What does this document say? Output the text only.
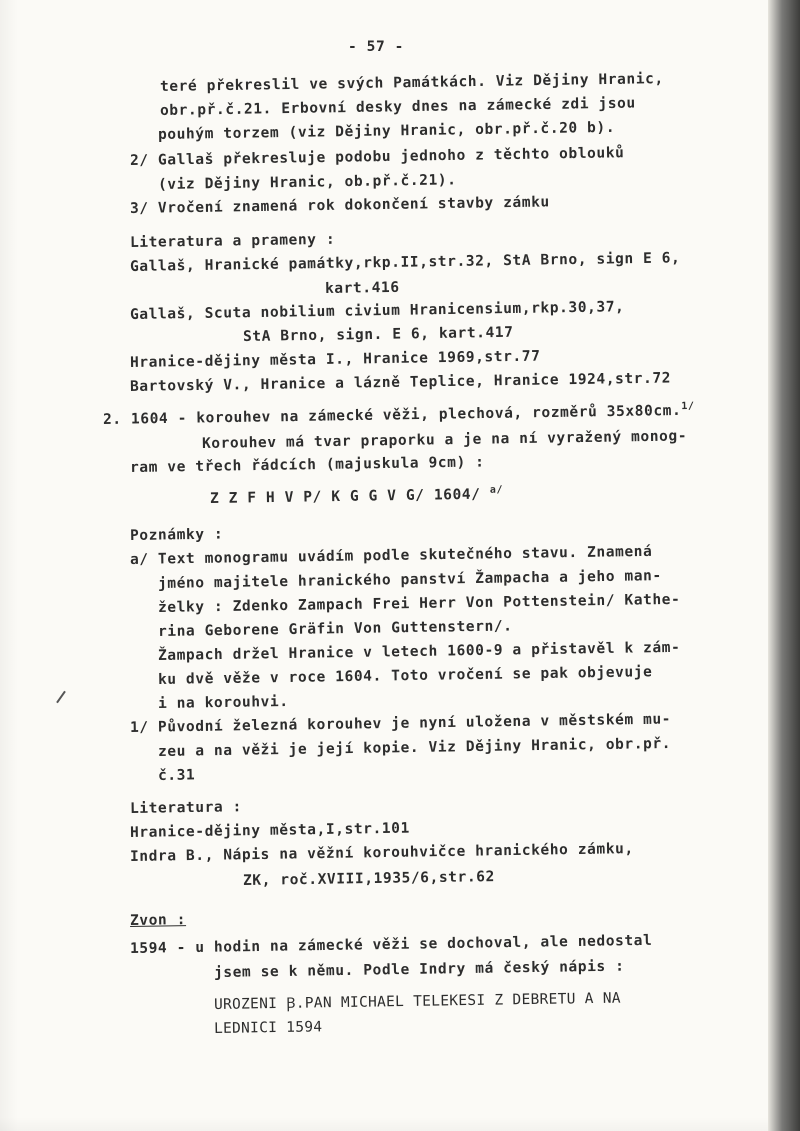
- 57 -
teré překreslil ve svých Památkách. Viz Dějiny Hranic,
obr.př.č.21. Erbovní desky dnes na zámecké zdi jsou
pouhým torzem (viz Dějiny Hranic, obr.př.č.20 b).
2/ Gallaš překresluje podobu jednoho z těchto oblouků
(viz Dějiny Hranic, ob.př.č.21).
3/ Vročení znamená rok dokončení stavby zámku
Literatura a prameny :
Gallaš, Hranické památky,rkp.II,str.32, StA Brno, sign E 6,
kart.416
Gallaš, Scuta nobilium civium Hranicensium,rkp.30,37,
StA Brno, sign. E 6, kart.417
Hranice-dějiny města I., Hranice 1969,str.77
Bartovský V., Hranice a lázně Teplice, Hranice 1924,str.72
2. 1604 - korouhev na zámecké věži, plechová, rozměrů 35x80cm.$^{1/}$
Korouhev má tvar praporku a je na ní vyražený monog-
ram ve třech řádcích (majuskula 9cm) :
Z Z F H V P/ K G G V G/ 1604/ $^{a/}$
Poznámky :
a/ Text monogramu uvádím podle skutečného stavu. Znamená
jméno majitele hranického panství Žampacha a jeho man-
želky : Zdenko Zampach Frei Herr Von Pottenstein/ Kathe-
rina Geborene Gräfin Von Guttenstern/.
Žampach držel Hranice v letech 1600-9 a přistavěl k zám-
ku dvě věže v roce 1604. Toto vročení se pak objevuje
i na korouhvi.
1/ Původní železná korouhev je nyní uložena v městském mu-
zeu a na věži je její kopie. Viz Dějiny Hranic, obr.př.
č.31
Literatura :
Hranice-dějiny města,I,str.101
Indra B., Nápis na věžní korouhvičce hranického zámku,
ZK, roč.XVIII,1935/6,str.62
Zvon :
1594 - u hodin na zámecké věži se dochoval, ale nedostal
jsem se k němu. Podle Indry má český nápis :
UROZENI Ꞵ.PAN MICHAEL TELEKESI Z DEBRETU A NA
LEDNICI 1594
